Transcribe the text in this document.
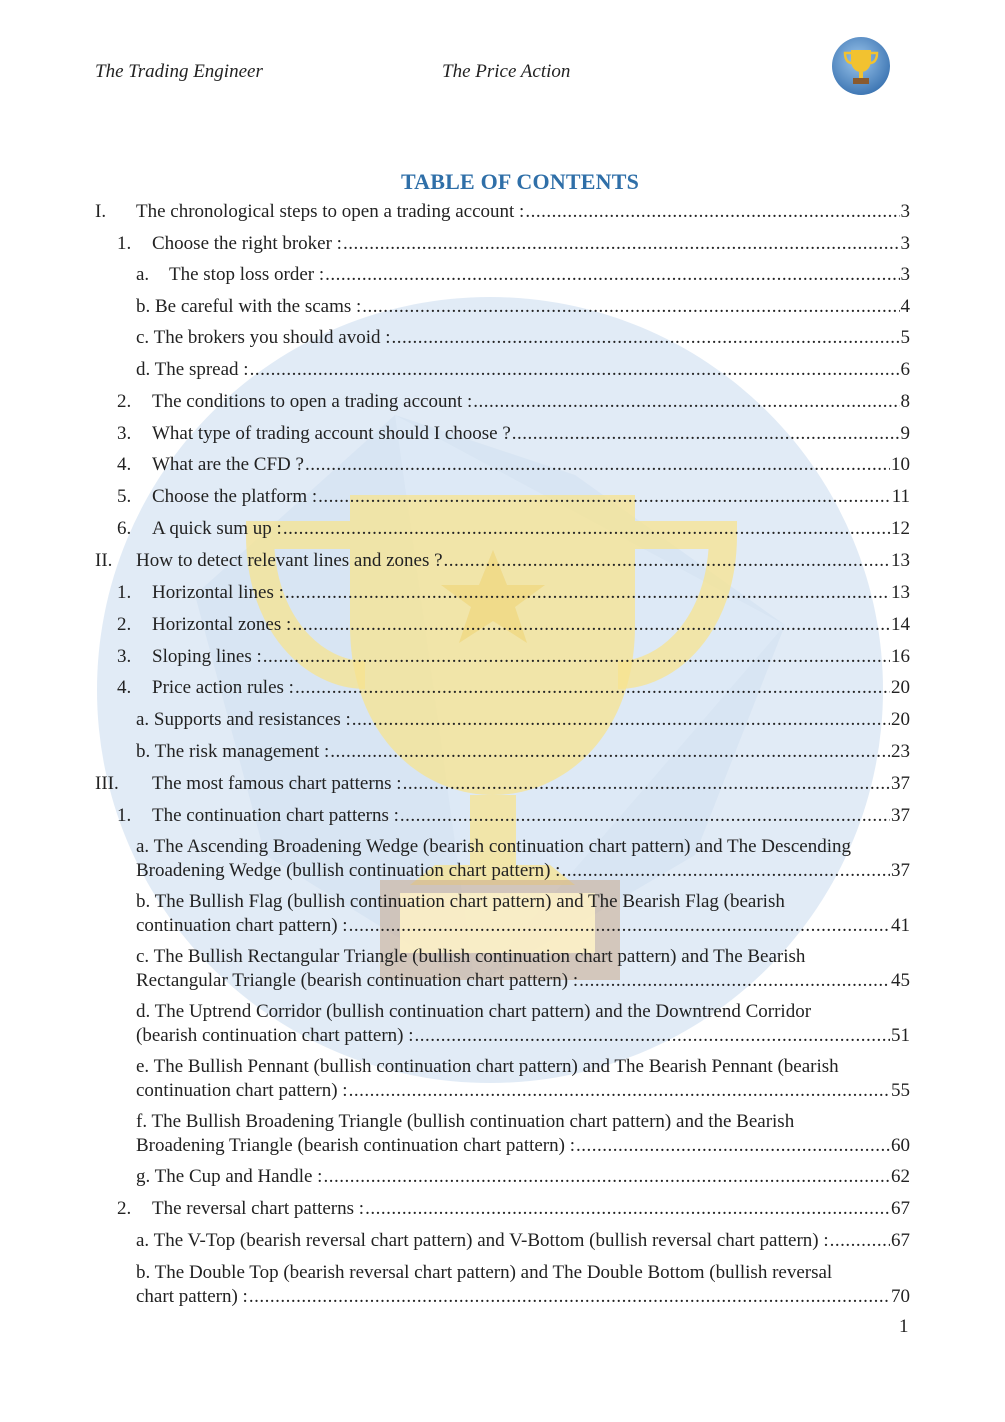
The Trading Engineer	The Price Action
TABLE OF CONTENTS
I.	The chronological steps to open a trading account : .....	3
1.	Choose the right broker : .....	3
a.	The stop loss order : .....	3
b. Be careful with the scams : .....	4
c. The brokers you should avoid : .....	5
d. The spread : .....	6
2.	The conditions to open a trading account : .....	8
3.	What type of trading account should I choose ? .....	9
4.	What are the CFD ? .....	10
5.	Choose the platform : .....	11
6.	A quick sum up : .....	12
II.	How to detect relevant lines and zones ? .....	13
1.	Horizontal lines : .....	13
2.	Horizontal zones : .....	14
3.	Sloping lines : .....	16
4.	Price action rules : .....	20
a. Supports and resistances : .....	20
b. The risk management : .....	23
III.	The most famous chart patterns : .....	37
1.	The continuation chart patterns : .....	37
a. The Ascending Broadening Wedge (bearish continuation chart pattern) and The Descending
Broadening Wedge (bullish continuation chart pattern) : .....	37
b. The Bullish Flag (bullish continuation chart pattern) and The Bearish Flag (bearish
continuation chart pattern) : .....	41
c. The Bullish Rectangular Triangle (bullish continuation chart pattern) and The Bearish
Rectangular Triangle (bearish continuation chart pattern) : .....	45
d. The Uptrend Corridor (bullish continuation chart pattern) and the Downtrend Corridor
(bearish continuation chart pattern) : .....	51
e. The Bullish Pennant (bullish continuation chart pattern) and The Bearish Pennant (bearish
continuation chart pattern) : .....	55
f. The Bullish Broadening Triangle (bullish continuation chart pattern) and the Bearish
Broadening Triangle (bearish continuation chart pattern) : .....	60
g. The Cup and Handle : .....	62
2.	The reversal chart patterns : .....	67
a. The V-Top (bearish reversal chart pattern) and V-Bottom (bullish reversal chart pattern) : .....	67
b. The Double Top (bearish reversal chart pattern) and The Double Bottom (bullish reversal
chart pattern) : .....	70
1
